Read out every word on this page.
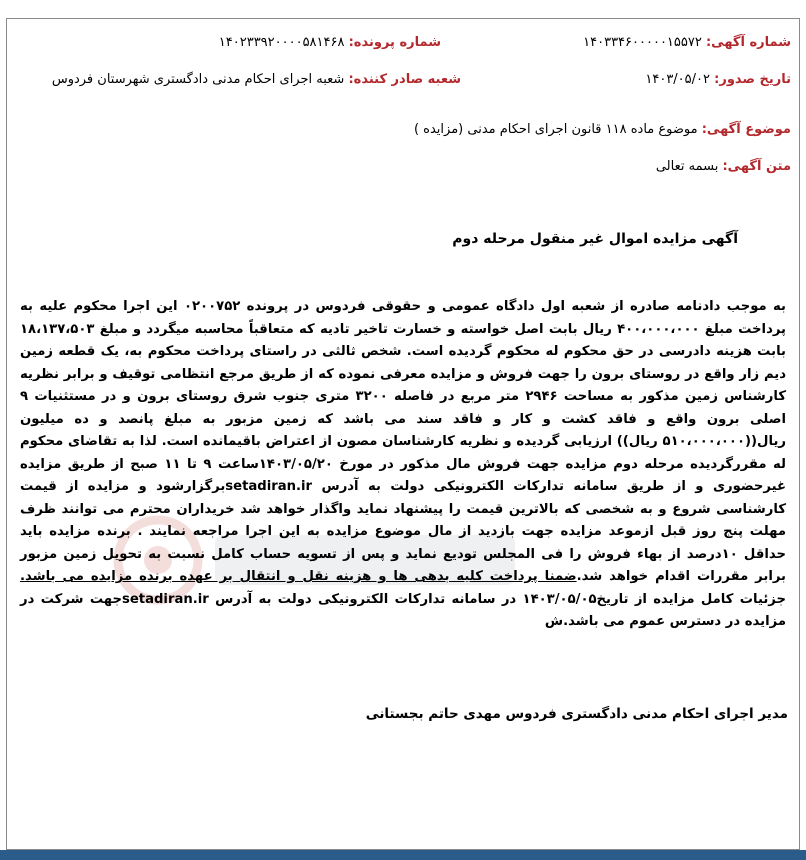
شماره آگهی: ۱۴۰۳۳۴۶۰۰۰۰۰۱۵۵۷۲
شماره پرونده: ۱۴۰۲۳۳۹۲۰۰۰۰۵۸۱۴۶۸
تاریخ صدور: ۱۴۰۳/۰۵/۰۲
شعبه صادر کننده: شعبه اجرای احکام مدنی دادگستری شهرستان فردوس
موضوع آگهی: موضوع ماده ۱۱۸ قانون اجرای احکام مدنی (مزایده )
متن آگهی: بسمه تعالی
آگهی مزایده اموال غیر منقول مرحله دوم
به موجب دادنامه صادره از شعبه اول دادگاه عمومی و حقوقی فردوس در پرونده ۰۲۰۰۷۵۲ این اجرا محکوم علیه به پرداخت مبلغ ۴۰۰،۰۰۰،۰۰۰ ریال بابت اصل خواسته و خسارت تاخیر تادیه که متعاقباً محاسبه میگردد و مبلغ ۱۸،۱۳۷،۵۰۳ بابت هزینه دادرسی در حق محکوم له محکوم گردیده است. شخص ثالثی در راستای پرداخت محکوم به، یک قطعه زمین دیم زار واقع در روستای برون را جهت فروش و مزایده معرفی نموده که از طریق مرجع انتظامی توقیف و برابر نظریه کارشناس زمین مذکور به مساحت ۲۹۴۶ متر مربع در فاصله ۳۲۰۰ متری جنوب شرق روستای برون و در مستثنیات ۹ اصلی برون واقع و فاقد کشت و کار و فاقد سند می باشد که زمین مزبور به مبلغ پانصد و ده میلیون ریال((۵۱۰،۰۰۰،۰۰۰ ریال)) ارزیابی گردیده و نظریه کارشناسان مصون از اعتراض باقیمانده است. لذا به تقاضای محکوم له مقررگردیده مرحله دوم مزایده جهت فروش مال مذکور در مورخ ۱۴۰۳/۰۵/۲۰ساعت ۹ تا ۱۱ صبح از طریق مزایده غیرحضوری و از طریق سامانه تدارکات الکترونیکی دولت به آدرس setadiran.irبرگزارشود و مزایده از قیمت کارشناسی شروع و به شخصی که بالاترین قیمت را پیشنهاد نماید واگذار خواهد شد خریداران محترم می توانند ظرف مهلت پنج روز قبل ازموعد مزایده جهت بازدید از مال موضوع مزایده به این اجرا مراجعه نمایند . برنده مزایده باید حداقل ۱۰درصد از بهاء فروش را فی المجلس تودیع نماید و پس از تسویه حساب کامل نسبت به تحویل زمین مزبور برابر مقررات اقدام خواهد شد.ضمنا پرداخت کلیه بدهی ها و هزینه نقل و انتقال بر عهده برنده مزایده می باشد. جزئیات کامل مزایده از تاریخ۱۴۰۳/۰۵/۰۵ در سامانه تدارکات الکترونیکی دولت به آدرس setadiran.irجهت شرکت در مزایده در دسترس عموم می باشد.ش
مدیر اجرای احکام مدنی دادگستری فردوس مهدی حاتم بجستانی
